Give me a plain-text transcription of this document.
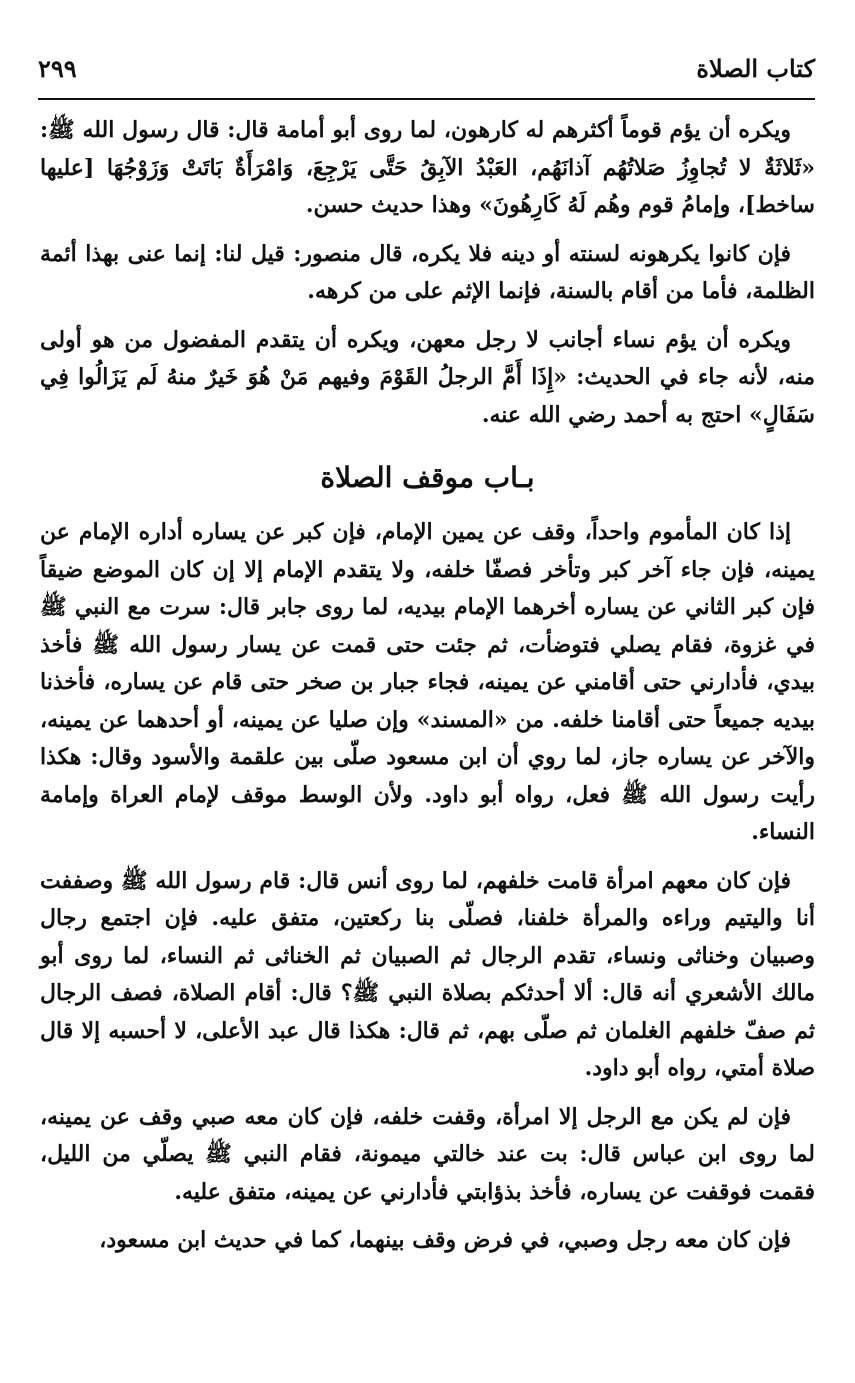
كتاب الصلاة
٢٩٩

ويكره أن يؤم قوماً أكثرهم له كارهون، لما روى أبو أمامة قال: قال رسول الله ﷺ: «ثَلاثَةٌ لا تُجاوِزُ صَلاتُهُم آذانَهُم، العَبْدُ الآبِقُ حَتَّى يَرْجِعَ، وَامْرَأَةٌ بَاتَتْ وَزَوْجُهَا [عليها ساخط]، وإمامُ قوم وهُم لَهُ كَارِهُونَ» وهذا حديث حسن.

فإن كانوا يكرهونه لسنته أو دينه فلا يكره، قال منصور: قيل لنا: إنما عنى بهذا أئمة الظلمة، فأما من أقام بالسنة، فإنما الإثم على من كرهه.

ويكره أن يؤم نساء أجانب لا رجل معهن، ويكره أن يتقدم المفضول من هو أولى منه، لأنه جاء في الحديث: «إِذَا أَمَّ الرجلُ القَوْمَ وفيهم مَنْ هُوَ خَيرٌ منهُ لَم يَزَالُوا فِي سَفَالٍ» احتج به أحمد رضي الله عنه.

بـاب موقف الصلاة

إذا كان المأموم واحداً، وقف عن يمين الإمام، فإن كبر عن يساره أداره الإمام عن يمينه، فإن جاء آخر كبر وتأخر فصفّا خلفه، ولا يتقدم الإمام إلا إن كان الموضع ضيقاً فإن كبر الثاني عن يساره أخرهما الإمام بيديه، لما روى جابر قال: سرت مع النبي ﷺ في غزوة، فقام يصلي فتوضأت، ثم جئت حتى قمت عن يسار رسول الله ﷺ فأخذ بيدي، فأدارني حتى أقامني عن يمينه، فجاء جبار بن صخر حتى قام عن يساره، فأخذنا بيديه جميعاً حتى أقامنا خلفه. من «المسند» وإن صليا عن يمينه، أو أحدهما عن يمينه، والآخر عن يساره جاز، لما روي أن ابن مسعود صلّى بين علقمة والأسود وقال: هكذا رأيت رسول الله ﷺ فعل، رواه أبو داود. ولأن الوسط موقف لإمام العراة وإمامة النساء.

فإن كان معهم امرأة قامت خلفهم، لما روى أنس قال: قام رسول الله ﷺ وصففت أنا واليتيم وراءه والمرأة خلفنا، فصلّى بنا ركعتين، متفق عليه. فإن اجتمع رجال وصبيان وخناثى ونساء، تقدم الرجال ثم الصبيان ثم الخناثى ثم النساء، لما روى أبو مالك الأشعري أنه قال: ألا أحدثكم بصلاة النبي ﷺ؟ قال: أقام الصلاة، فصف الرجال ثم صفّ خلفهم الغلمان ثم صلّى بهم، ثم قال: هكذا قال عبد الأعلى، لا أحسبه إلا قال صلاة أمتي، رواه أبو داود.

فإن لم يكن مع الرجل إلا امرأة، وقفت خلفه، فإن كان معه صبي وقف عن يمينه، لما روى ابن عباس قال: بت عند خالتي ميمونة، فقام النبي ﷺ يصلّي من الليل، فقمت فوقفت عن يساره، فأخذ بذؤابتي فأدارني عن يمينه، متفق عليه.

فإن كان معه رجل وصبي، في فرض وقف بينهما، كما في حديث ابن مسعود،
